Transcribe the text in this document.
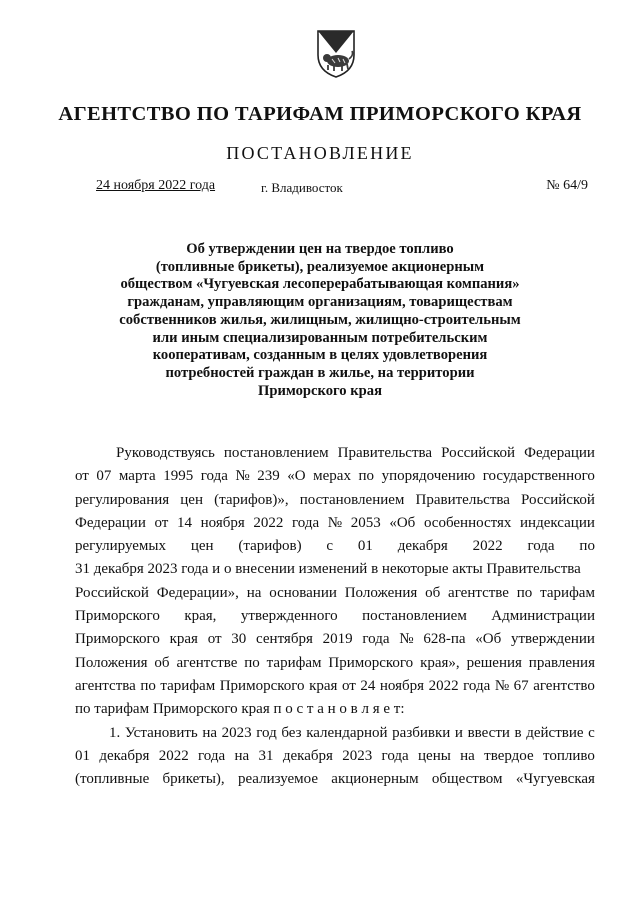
АГЕНТСТВО ПО ТАРИФАМ ПРИМОРСКОГО КРАЯ
ПОСТАНОВЛЕНИЕ
24 ноября 2022 года	г. Владивосток	№ 64/9
Об утверждении цен на твердое топливо
(топливные брикеты), реализуемое акционерным
обществом «Чугуевская лесоперерабатывающая компания»
гражданам, управляющим организациям, товариществам
собственников жилья, жилищным, жилищно-строительным
или иным специализированным потребительским
кооперативам, созданным в целях удовлетворения
потребностей граждан в жилье, на территории
Приморского края
Руководствуясь постановлением Правительства Российской Федерации
от 07 марта 1995 года № 239 «О мерах по упорядочению государственного
регулирования цен (тарифов)», постановлением Правительства Российской
Федерации от 14 ноября 2022 года № 2053 «Об особенностях индексации
регулируемых цен (тарифов) с 01 декабря 2022 года по
31 декабря 2023 года и о внесении изменений в некоторые акты Правительства
Российской Федерации», на основании Положения об агентстве по тарифам
Приморского края, утвержденного постановлением Администрации
Приморского края от 30 сентября 2019 года № 628-па «Об утверждении
Положения об агентстве по тарифам Приморского края», решения правления
агентства по тарифам Приморского края от 24 ноября 2022 года № 67 агентство
по тарифам Приморского края п о с т а н о в л я е т:
1. Установить на 2023 год без календарной разбивки и ввести в действие с
01 декабря 2022 года на 31 декабря 2023 года цены на твердое топливо
(топливные брикеты), реализуемое акционерным обществом «Чугуевская
